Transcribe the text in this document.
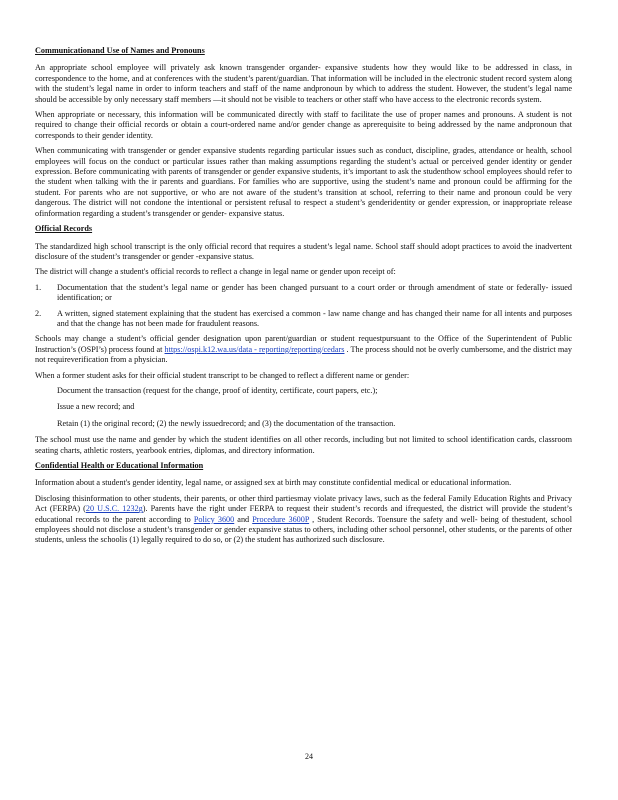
Communicationand Use of Names and Pronouns

An appropriate school employee will privately ask known transgender organder- expansive students how they would like to be addressed in class, in correspondence to the home, and at conferences with the student’s parent/guardian. That information will be included in the electronic student record system along with the student’s legal name in order to inform teachers and staff of the name andpronoun by which to address the student. However, the student’s legal name should be accessible by only necessary staff members —it should not be visible to teachers or other staff who have access to the electronic records system.

When appropriate or necessary, this information will be communicated directly with staff to facilitate the use of proper names and pronouns. A student is not required to change their official records or obtain a court-ordered name and/or gender change as aprerequisite to being addressed by the name andpronoun that corresponds to their gender identity.

When communicating with transgender or gender expansive students regarding particular issues such as conduct, discipline, grades, attendance or health, school employees will focus on the conduct or particular issues rather than making assumptions regarding the student’s actual or perceived gender identity or gender expression. Before communicating with parents of transgender or gender expansive students, it’s important to ask the studenthow school employees should refer to the student when talking with the ir parents and guardians. For families who are supportive, using the student’s name and pronoun could be affirming for the student. For parents who are not supportive, or who are not aware of the student’s transition at school, referring to their name and pronoun could be very dangerous. The district will not condone the intentional or persistent refusal to respect a student’s genderidentity or gender expression, or inappropriate release ofinformation regarding a student’s transgender or gender- expansive status.

Official Records

The standardized high school transcript is the only official record that requires a student’s legal name. School staff should adopt practices to avoid the inadvertent disclosure of the student’s transgender or gender -expansive status.

The district will change a student's official records to reflect a change in legal name or gender upon receipt of:

1.	Documentation that the student’s legal name or gender has been changed pursuant to a court order or through amendment of state or federally- issued identification; or
2.	A written, signed statement explaining that the student has exercised a common - law name change and has changed their name for all intents and purposes and that the change has not been made for fraudulent reasons.

Schools may change a student’s official gender designation upon parent/guardian or student requestpursuant to the Office of the Superintendent of Public Instruction’s (OSPI’s) process found at https://ospi.k12.wa.us/data - reporting/reporting/cedars . The process should not be overly cumbersome, and the district may not requireverification from a physician.

When a former student asks for their official student transcript to be changed to reflect a different name or gender:

Document the transaction (request for the change, proof of identity, certificate, court papers, etc.);
Issue a new record; and
Retain (1) the original record; (2) the newly issuedrecord; and (3) the documentation of the transaction.

The school must use the name and gender by which the student identifies on all other records, including but not limited to school identification cards, classroom seating charts, athletic rosters, yearbook entries, diplomas, and directory information.

Confidential Health or Educational Information

Information about a student's gender identity, legal name, or assigned sex at birth may constitute confidential medical or educational information.

Disclosing thisinformation to other students, their parents, or other third partiesmay violate privacy laws, such as the federal Family Education Rights and Privacy Act (FERPA) (20 U.S.C. 1232g). Parents have the right under FERPA to request their student’s records and ifrequested, the district will provide the student’s educational records to the parent according to Policy 3600 and Procedure 3600P , Student Records. Toensure the safety and well- being of thestudent, school employees should not disclose a student’s transgender or gender expansive status to others, including other school personnel, other students, or the parents of other students, unless the schoolis (1) legally required to do so, or (2) the student has authorized such disclosure.

24
